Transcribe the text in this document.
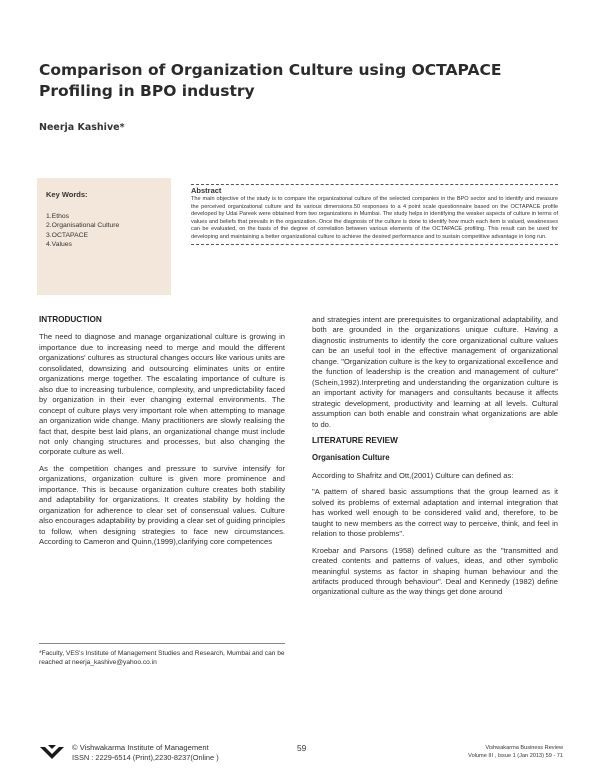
Comparison of Organization Culture using OCTAPACE Profiling in BPO industry

Neerja Kashive*

Key Words:

1.Ethos
2.Organisational Culture
3.OCTAPACE
4.Values

Abstract

The main objective of the study is to compare the organizational culture of the selected companies in the BPO sector and to identify and measure the perceived organizational culture and its various dimensions.50 responses to a 4 point scale questionnaire based on the OCTAPACE profile developed by Udai Pareek were obtained from two organizations in Mumbai. The study helps in identifying the weaker aspects of culture in terms of values and beliefs that prevails in the organization. Once the diagnosis of the culture is done to identify how much each item is valued, weaknesses can be evaluated, on the basis of the degree of correlation between various elements of the OCTAPACE profiling. This result can be used for developing and maintaining a better organizational culture to achieve the desired performance and to sustain competitive advantage in long run.

INTRODUCTION

The need to diagnose and manage organizational culture is growing in importance due to increasing need to merge and mould the different organizations' cultures as structural changes occurs like various units are consolidated, downsizing and outsourcing eliminates units or entire organizations merge together. The escalating importance of culture is also due to increasing turbulence, complexity, and unpredictability faced by organization in their ever changing external environments. The concept of culture plays very important role when attempting to manage an organization wide change. Many practitioners are slowly realising the fact that, despite best laid plans, an organizational change must include not only changing structures and processes, but also changing the corporate culture as well.

As the competition changes and pressure to survive intensify for organizations, organization culture is given more prominence and importance. This is because organization culture creates both stability and adaptability for organizations. It creates stability by holding the organization for adherence to clear set of consensual values. Culture also encourages adaptability by providing a clear set of guiding principles to follow, when designing strategies to face new circumstances. According to Cameron and Quinn,(1999),clarifying core competences

and strategies intent are prerequisites to organizational adaptability, and both are grounded in the organizations unique culture. Having a diagnostic instruments to identify the core organizational culture values can be an useful tool in the effective management of organizational change. "Organization culture is the key to organizational excellence and the function of leadership is the creation and management of culture" (Schein,1992).Interpreting and understanding the organization culture is an important activity for managers and consultants because it affects strategic development, productivity and learning at all levels. Cultural assumption can both enable and constrain what organizations are able to do.

LITERATURE REVIEW
Organisation Culture

According to Shafritz and Ott,(2001) Culture can defined as:

"A pattern of shared basic assumptions that the group learned as it solved its problems of external adaptation and internal integration that has worked well enough to be considered valid and, therefore, to be taught to new members as the correct way to perceive, think, and feel in relation to those problems".

Kroebar and Parsons (1958) defined culture as the "transmitted and created contents and patterns of values, ideas, and other symbolic meaningful systems as factor in shaping human behaviour and the artifacts produced through behaviour". Deal and Kennedy (1982) define organizational culture as the way things get done around

*Faculty, VES's Institute of Management Studies and Research, Mumbai and can be reached at neerja_kashive@yahoo.co.in

© Vishwakarma Institute of Management

ISSN : 2229-6514 (Print),2230-8237(Online )

59	Vishwakarma Business Review

Volume III , Issue 1 (Jan 2013) 59 - 71
